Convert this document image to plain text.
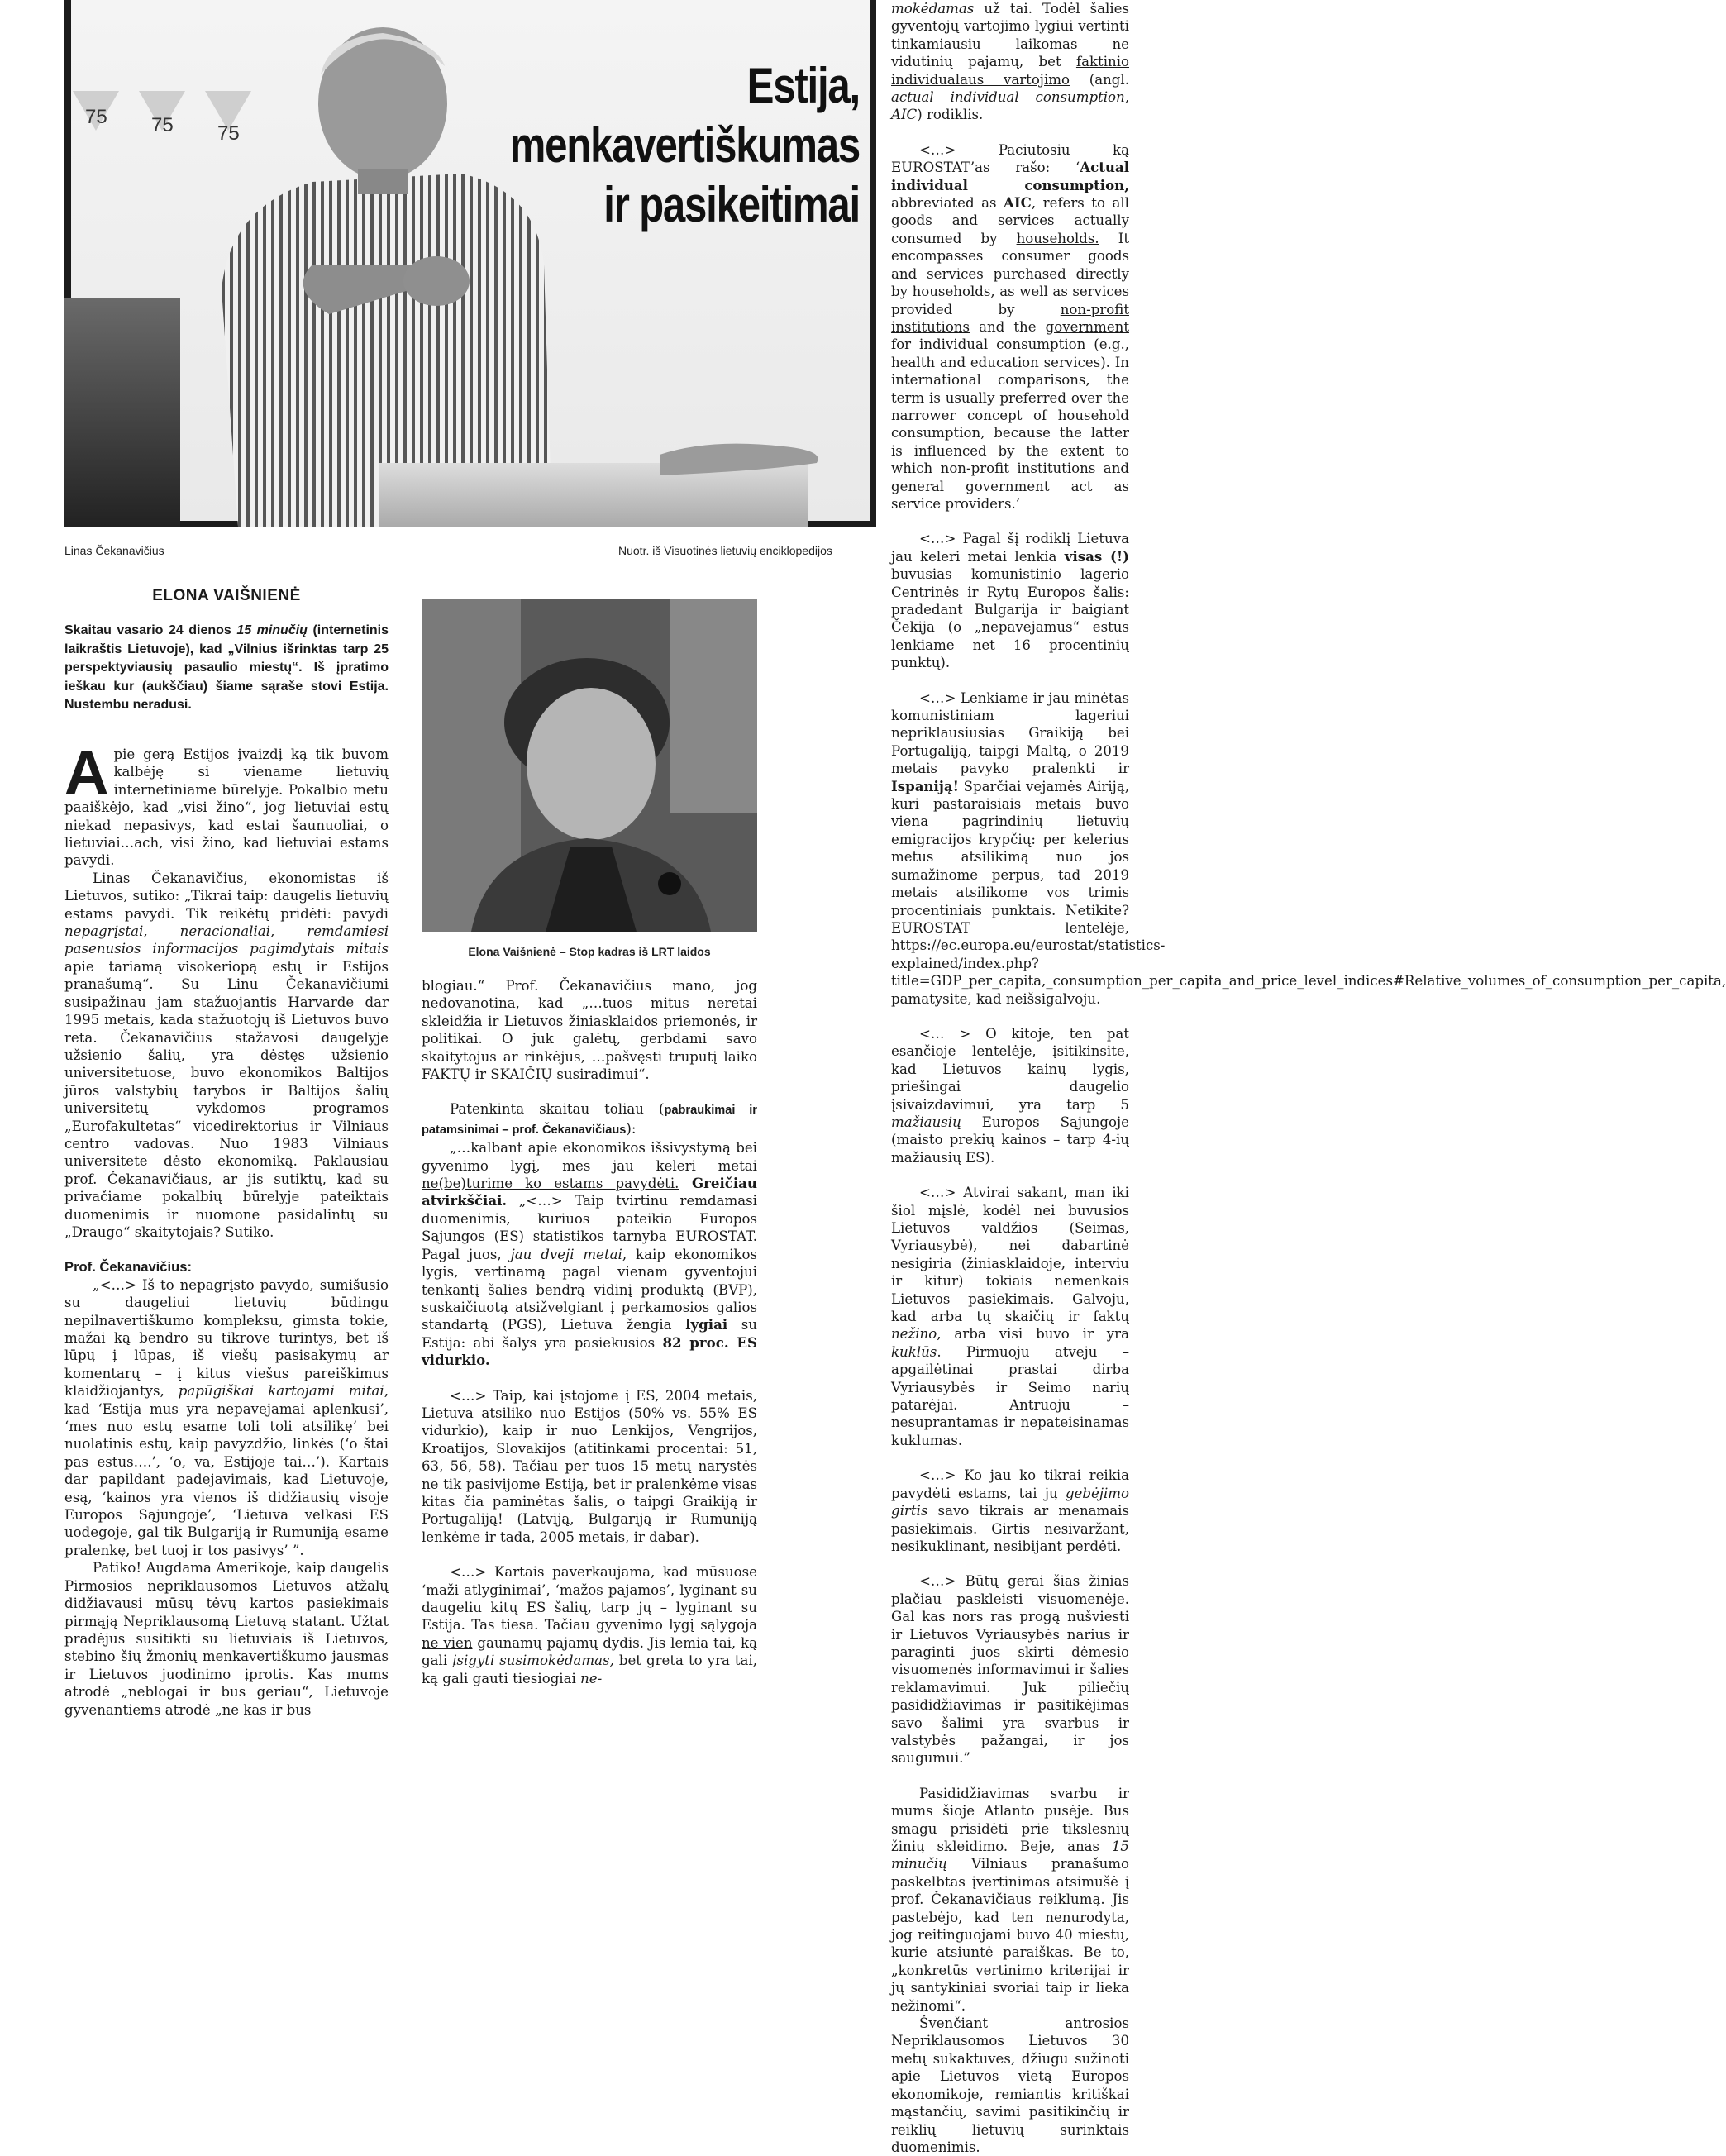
75 75 75
Estija,
menkavertiškumas
ir pasikeitimai
Linas Čekanavičius	Nuotr. iš Visuotinės lietuvių enciklopedijos
ELONA VAIŠNIENĖ
Skaitau vasario 24 dienos 15 minučių (internetinis laikraštis Lietuvoje), kad „Vilnius išrinktas tarp 25 perspektyviausių pasaulio miestų“. Iš įpratimo ieškau kur (aukščiau) šiame sąraše stovi Estija. Nustembu neradusi.

Apie gerą Estijos įvaizdį ką tik buvom kalbėję si viename lietuvių internetiniame būrelyje. Pokalbio metu paaiškėjo, kad „visi žino“, jog lietuviai estų niekad nepasivys, kad estai šaunuoliai, o lietuviai…ach, visi žino, kad lietuviai estams pavydi.

Linas Čekanavičius, ekonomistas iš Lietuvos, sutiko: „Tikrai taip: daugelis lietuvių estams pavydi. Tik reikėtų pridėti: pavydi nepagrįstai, neracionaliai, remdamiesi pasenusios informacijos pagimdytais mitais apie tariamą visokeriopą estų ir Estijos pranašumą“. Su Linu Čekanavičiumi susipažinau jam stažuojantis Harvarde dar 1995 metais, kada stažuotojų iš Lietuvos buvo reta. Čekanavičius stažavosi daugelyje užsienio šalių, yra dėstęs užsienio universitetuose, buvo ekonomikos Baltijos jūros valstybių tarybos ir Baltijos šalių universitetų vykdomos programos „Eurofakultetas“ vicedirektorius ir Vilniaus centro vadovas. Nuo 1983 Vilniaus universitete dėsto ekonomiką. Paklausiau prof. Čekanavičiaus, ar jis sutiktų, kad su privačiame pokalbių būrelyje pateiktais duomenimis ir nuomone pasidalintų su „Draugo“ skaitytojais? Sutiko.

Prof. Čekanavičius:

„<…> Iš to nepagrįsto pavydo, sumišusio su daugeliui lietuvių būdingu nepilnavertiškumo kompleksu, gimsta tokie, mažai ką bendro su tikrove turintys, bet iš lūpų į lūpas, iš viešų pasisakymų ar komentarų – į kitus viešus pareiškimus klaidžiojantys, papūgiškai kartojami mitai, kad ‘Estija mus yra nepavejamai aplenkusi’, ‘mes nuo estų esame toli toli atsilikę’ bei nuolatinis estų, kaip pavyzdžio, linkės (‘o štai pas estus….’, ‘o, va, Estijoje tai…’). Kartais dar papildant padejavimais, kad Lietuvoje, esą, ‘kainos yra vienos iš didžiausių visoje Europos Sąjungoje’, ‘Lietuva velkasi ES uodegoje, gal tik Bulgariją ir Rumuniją esame pralenkę, bet tuoj ir tos pasivys’ ”.

Patiko! Augdama Amerikoje, kaip daugelis Pirmosios nepriklausomos Lietuvos atžalų didžiavausi mūsų tėvų kartos pasiekimais pirmąją Nepriklausomą Lietuvą statant. Užtat pradėjus susitikti su lietuviais iš Lietuvos, stebino šių žmonių menkavertiškumo jausmas ir Lietuvos juodinimo įprotis. Kas mums atrodė „neblogai ir bus geriau“, Lietuvoje gyvenantiems atrodė „ne kas ir bus

Elona Vaišnienė – Stop kadras iš LRT laidos

blogiau.“ Prof. Čekanavičius mano, jog nedovanotina, kad „…tuos mitus neretai skleidžia ir Lietuvos žiniasklaidos priemonės, ir politikai. O juk galėtų, gerbdami savo skaitytojus ar rinkėjus, …pašvęsti truputį laiko FAKTŲ ir SKAIČIŲ susiradimui“.

Patenkinta skaitau toliau (pabraukimai ir patamsinimai – prof. Čekanavičiaus):

„…kalbant apie ekonomikos išsivystymą bei gyvenimo lygį, mes jau keleri metai ne(be)turime ko estams pavydėti. Greičiau atvirkščiai. „<…> Taip tvirtinu remdamasi duomenimis, kuriuos pateikia Europos Sąjungos (ES) statistikos tarnyba EUROSTAT. Pagal juos, jau dveji metai, kaip ekonomikos lygis, vertinamą pagal vienam gyventojui tenkantį šalies bendrą vidinį produktą (BVP), suskaičiuotą atsižvelgiant į perkamosios galios standartą (PGS), Lietuva žengia lygiai su Estija: abi šalys yra pasiekusios 82 proc. ES vidurkio.

<…> Taip, kai įstojome į ES, 2004 metais, Lietuva atsiliko nuo Estijos (50% vs. 55% ES vidurkio), kaip ir nuo Lenkijos, Vengrijos, Kroatijos, Slovakijos (atitinkami procentai: 51, 63, 56, 58). Tačiau per tuos 15 metų narystės ne tik pasivijome Estiją, bet ir pralenkėme visas kitas čia paminėtas šalis, o taipgi Graikiją ir Portugaliją! (Latviją, Bulgariją ir Rumuniją lenkėme ir tada, 2005 metais, ir dabar).

<…> Kartais paverkaujama, kad mūsuose ‘maži atlyginimai’, ‘mažos pajamos’, lyginant su daugeliu kitų ES šalių, tarp jų – lyginant su Estija. Tas tiesa. Tačiau gyvenimo lygį sąlygoja ne vien gaunamų pajamų dydis. Jis lemia tai, ką gali įsigyti susimokėdamas, bet greta to yra tai, ką gali gauti tiesiogiai ne-

mokėdamas už tai. Todėl šalies gyventojų vartojimo lygiui vertinti tinkamiausiu laikomas ne vidutinių pajamų, bet faktinio individualaus vartojimo (angl. actual individual consumption, AIC) rodiklis.

<…> Paciutosiu ką EUROSTAT’as rašo: ‘Actual individual consumption, abbreviated as AIC, refers to all goods and services actually consumed by households. It encompasses consumer goods and services purchased directly by households, as well as services provided by non-profit institutions and the government for individual consumption (e.g., health and education services). In international comparisons, the term is usually preferred over the narrower concept of household consumption, because the latter is influenced by the extent to which non-profit institutions and general government act as service providers.’

<…> Pagal šį rodiklį Lietuva jau keleri metai lenkia visas (!) buvusias komunistinio lagerio Centrinės ir Rytų Europos šalis: pradedant Bulgarija ir baigiant Čekija (o „nepavejamus“ estus lenkiame net 16 procentinių punktų).

<…> Lenkiame ir jau minėtas komunistiniam lageriui nepriklausiusias Graikiją bei Portugaliją, taipgi Maltą, o 2019 metais pavyko pralenkti ir Ispaniją! Sparčiai vejamės Airiją, kuri pastaraisiais metais buvo viena pagrindinių lietuvių emigracijos krypčių: per kelerius metus atsilikimą nuo jos sumažinome perpus, tad 2019 metais atsilikome vos trimis procentiniais punktais. Netikite? EUROSTAT lentelėje, https://ec.europa.eu/eurostat/statistics-explained/index.php?title=GDP_per_capita,_consumption_per_capita_and_price_level_indices#Relative_volumes_of_consumption_per_capita, pamatysite, kad neišsigalvoju.

<… > O kitoje, ten pat esančioje lentelėje, įsitikinsite, kad Lietuvos kainų lygis, priešingai daugelio įsivaizdavimui, yra tarp 5 mažiausių Europos Sąjungoje (maisto prekių kainos – tarp 4-ių mažiausių ES).

<…> Atvirai sakant, man iki šiol mįslė, kodėl nei buvusios Lietuvos valdžios (Seimas, Vyriausybė), nei dabartinė nesigiria (žiniasklaidoje, interviu ir kitur) tokiais nemenkais Lietuvos pasiekimais. Galvoju, kad arba tų skaičių ir faktų nežino, arba visi buvo ir yra kuklūs. Pirmuoju atveju – apgailėtinai prastai dirba Vyriausybės ir Seimo narių patarėjai. Antruoju – nesuprantamas ir nepateisinamas kuklumas.

<…> Ko jau ko tikrai reikia pavydėti estams, tai jų gebėjimo girtis savo tikrais ar menamais pasiekimais. Girtis nesivaržant, nesikuklinant, nesibijant perdėti.

<…> Būtų gerai šias žinias plačiau paskleisti visuomenėje. Gal kas nors ras progą nušviesti ir Lietuvos Vyriausybės narius ir paraginti juos skirti dėmesio visuomenės informavimui ir šalies reklamavimui. Juk piliečių pasididžiavimas ir pasitikėjimas savo šalimi yra svarbus ir valstybės pažangai, ir jos saugumui.”

Pasididžiavimas svarbu ir mums šioje Atlanto pusėje. Bus smagu prisidėti prie tikslesnių žinių skleidimo. Beje, anas 15 minučių Vilniaus pranašumo paskelbtas įvertinimas atsimušė į prof. Čekanavičiaus reiklumą. Jis pastebėjo, kad ten nenurodyta, jog reitinguojami buvo 40 miestų, kurie atsiuntė paraiškas. Be to, „konkretūs vertinimo kriterijai ir jų santykiniai svoriai taip ir lieka nežinomi“.

Švenčiant antrosios Nepriklausomos Lietuvos 30 metų sukaktuves, džiugu sužinoti apie Lietuvos vietą Europos ekonomikoje, remiantis kritiškai mąstančių, savimi pasitikinčių ir reiklių lietuvių surinktais duomenimis.
